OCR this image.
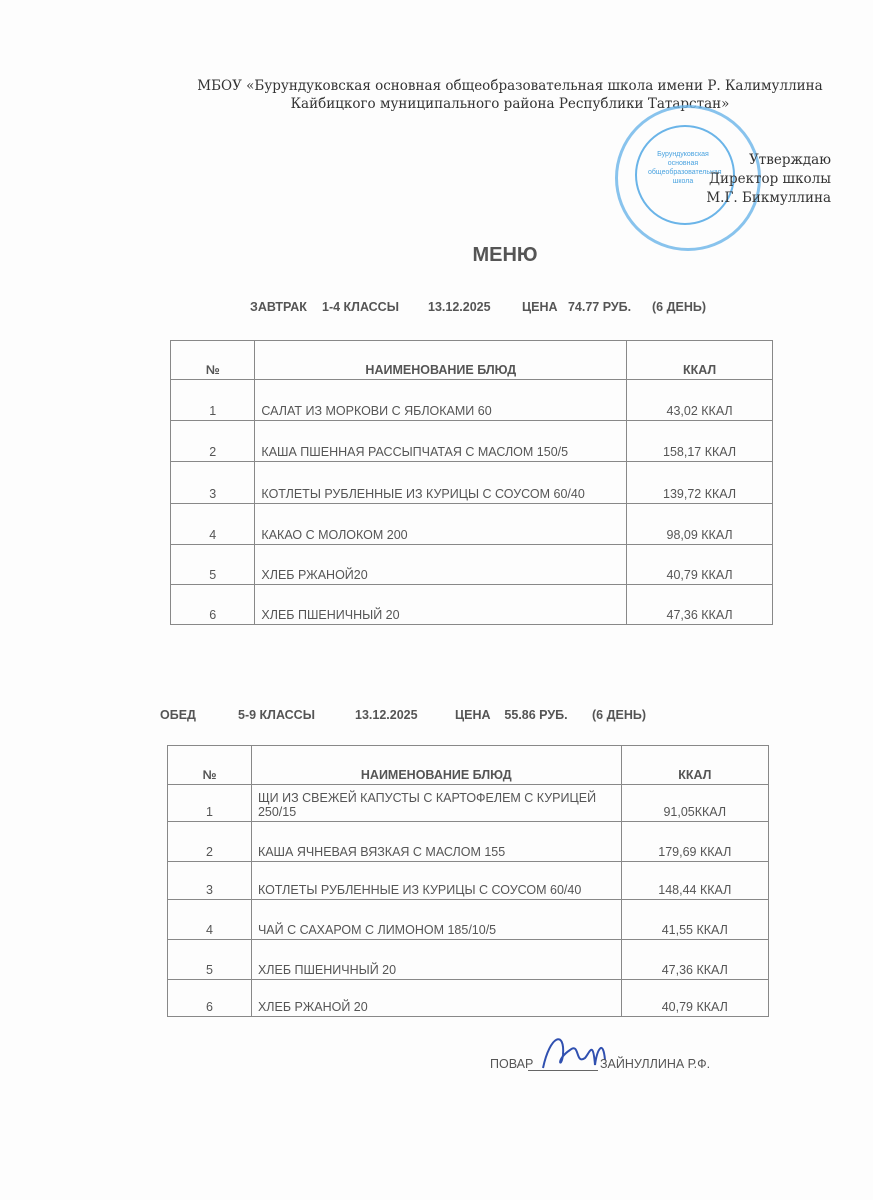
МБОУ «Бурундуковская основная общеобразовательная школа имени Р. Калимуллина
Кайбицкого муниципального района Республики Татарстан»
Бурундуковская основная общеобразовательная школа
Утверждаю
Директор школы
М.Г. Бикмуллина
МЕНЮ
ЗАВТРАК 1-4 КЛАССЫ 13.12.2025	ЦЕНА   74.77 РУБ. (6 ДЕНЬ)
№	НАИМЕНОВАНИЕ БЛЮД	ККАЛ
1	САЛАТ ИЗ МОРКОВИ С ЯБЛОКАМИ 60	43,02 ККАЛ
2	КАША ПШЕННАЯ РАССЫПЧАТАЯ С МАСЛОМ 150/5	158,17 ККАЛ
3	КОТЛЕТЫ РУБЛЕННЫЕ ИЗ КУРИЦЫ С СОУСОМ 60/40	139,72 ККАЛ
4	КАКАО С МОЛОКОМ 200	98,09 ККАЛ
5	ХЛЕБ РЖАНОЙ20	40,79 ККАЛ
6	ХЛЕБ ПШЕНИЧНЫЙ 20	47,36 ККАЛ
ОБЕД	5-9 КЛАССЫ	13.12.2025	ЦЕНА    55.86 РУБ. (6 ДЕНЬ)
№	НАИМЕНОВАНИЕ БЛЮД	ККАЛ
1	ЩИ ИЗ СВЕЖЕЙ КАПУСТЫ С КАРТОФЕЛЕМ С КУРИЦЕЙ 250/15	91,05ККАЛ
2	КАША ЯЧНЕВАЯ ВЯЗКАЯ С МАСЛОМ 155	179,69 ККАЛ
3	КОТЛЕТЫ РУБЛЕННЫЕ ИЗ КУРИЦЫ С СОУСОМ 60/40	148,44 ККАЛ
4	ЧАЙ С САХАРОМ С ЛИМОНОМ 185/10/5	41,55 ККАЛ
5	ХЛЕБ ПШЕНИЧНЫЙ 20	47,36 ККАЛ
6	ХЛЕБ РЖАНОЙ 20	40,79 ККАЛ
ПОВАР	ЗАЙНУЛЛИНА Р.Ф.
